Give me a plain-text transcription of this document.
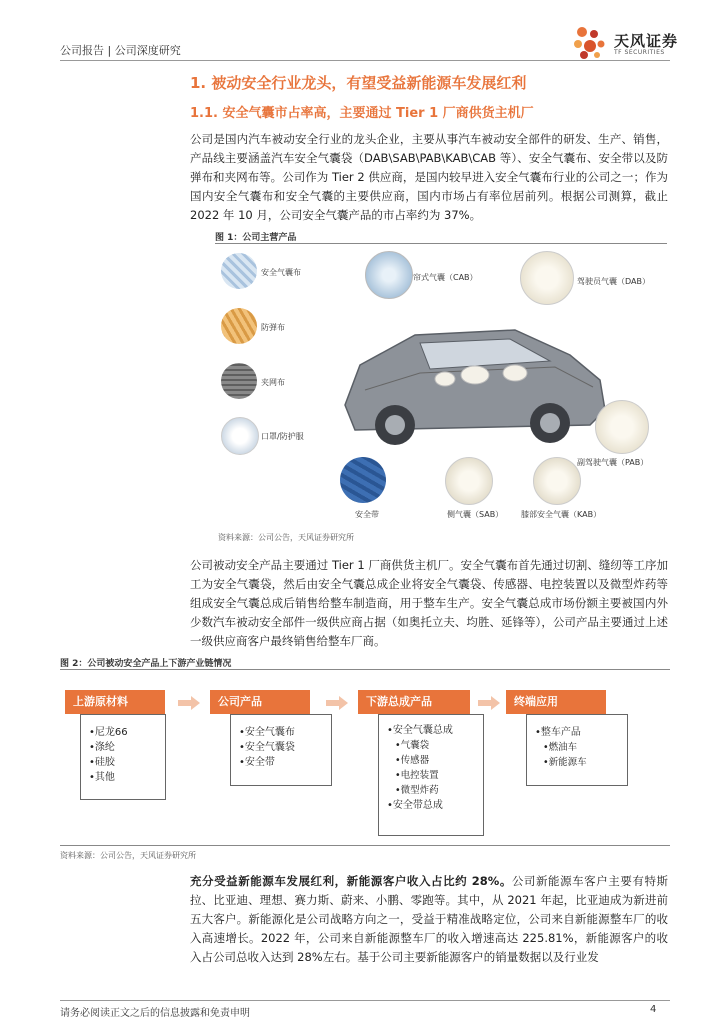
公司报告 | 公司深度研究
天风证券
TF SECURITIES
1. 被动安全行业龙头，有望受益新能源车发展红利
1.1. 安全气囊市占率高，主要通过 Tier 1 厂商供货主机厂

公司是国内汽车被动安全行业的龙头企业，主要从事汽车被动安全部件的研发、生产、销售，产品线主要涵盖汽车安全气囊袋（DAB\SAB\PAB\KAB\CAB 等）、安全气囊布、安全带以及防弹布和夹网布等。公司作为 Tier 2 供应商，是国内较早进入安全气囊布行业的公司之一；作为国内安全气囊布和安全气囊的主要供应商，国内市场占有率位居前列。根据公司测算，截止 2022 年 10 月，公司安全气囊产品的市占率约为 37%。

图 1：公司主营产品
安全气囊布
防弹布
夹网布
口罩/防护服
帘式气囊（CAB）	驾驶员气囊（DAB）
副驾驶气囊（PAB）
安全带	侧气囊（SAB） 膝部安全气囊（KAB）
资料来源：公司公告，天风证券研究所

公司被动安全产品主要通过 Tier 1 厂商供货主机厂。安全气囊布首先通过切割、缝纫等工序加工为安全气囊袋，然后由安全气囊总成企业将安全气囊袋、传感器、电控装置以及微型炸药等组成安全气囊总成后销售给整车制造商，用于整车生产。安全气囊总成市场份额主要被国内外少数汽车被动安全部件一级供应商占据（如奥托立夫、均胜、延锋等），公司产品主要通过上述一级供应商客户最终销售给整车厂商。

图 2：公司被动安全产品上下游产业链情况
上游原材料
•尼龙66
•涤纶
•硅胶
•其他
公司产品
•安全气囊布
•安全气囊袋
•安全带
下游总成产品
•安全气囊总成
•气囊袋
•传感器
•电控装置
•微型炸药
•安全带总成
终端应用
•整车产品
•燃油车
•新能源车
资料来源：公司公告，天风证券研究所

充分受益新能源车发展红利，新能源客户收入占比约 28%。公司新能源车客户主要有特斯拉、比亚迪、理想、赛力斯、蔚来、小鹏、零跑等。其中，从 2021 年起，比亚迪成为新进前五大客户。新能源化是公司战略方向之一，受益于精准战略定位，公司来自新能源整车厂的收入高速增长。2022 年，公司来自新能源整车厂的收入增速高达 225.81%，新能源客户的收入占公司总收入达到 28%左右。基于公司主要新能源客户的销量数据以及行业发

请务必阅读正文之后的信息披露和免责申明	4
